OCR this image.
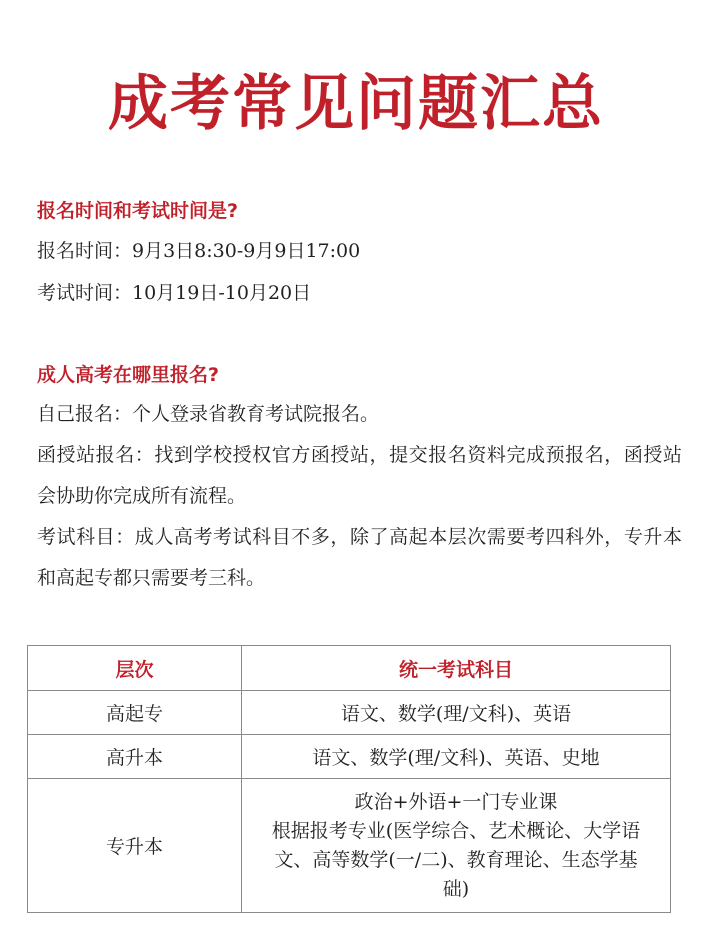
成考常见问题汇总
报名时间和考试时间是?
报名时间：9月3日8:30-9月9日17:00
考试时间：10月19日-10月20日
成人高考在哪里报名?
自己报名：个人登录省教育考试院报名。
函授站报名：找到学校授权官方函授站，提交报名资料完成预报名，函授站会协助你完成所有流程。
考试科目：成人高考考试科目不多，除了高起本层次需要考四科外，专升本和高起专都只需要考三科。
层次	统一考试科目
高起专	语文、数学(理/文科)、英语
高升本	语文、数学(理/文科)、英语、史地
专升本	政治+外语+一门专业课
根据报考专业(医学综合、艺术概论、大学语
文、高等数学(一/二)、教育理论、生态学基
础)
